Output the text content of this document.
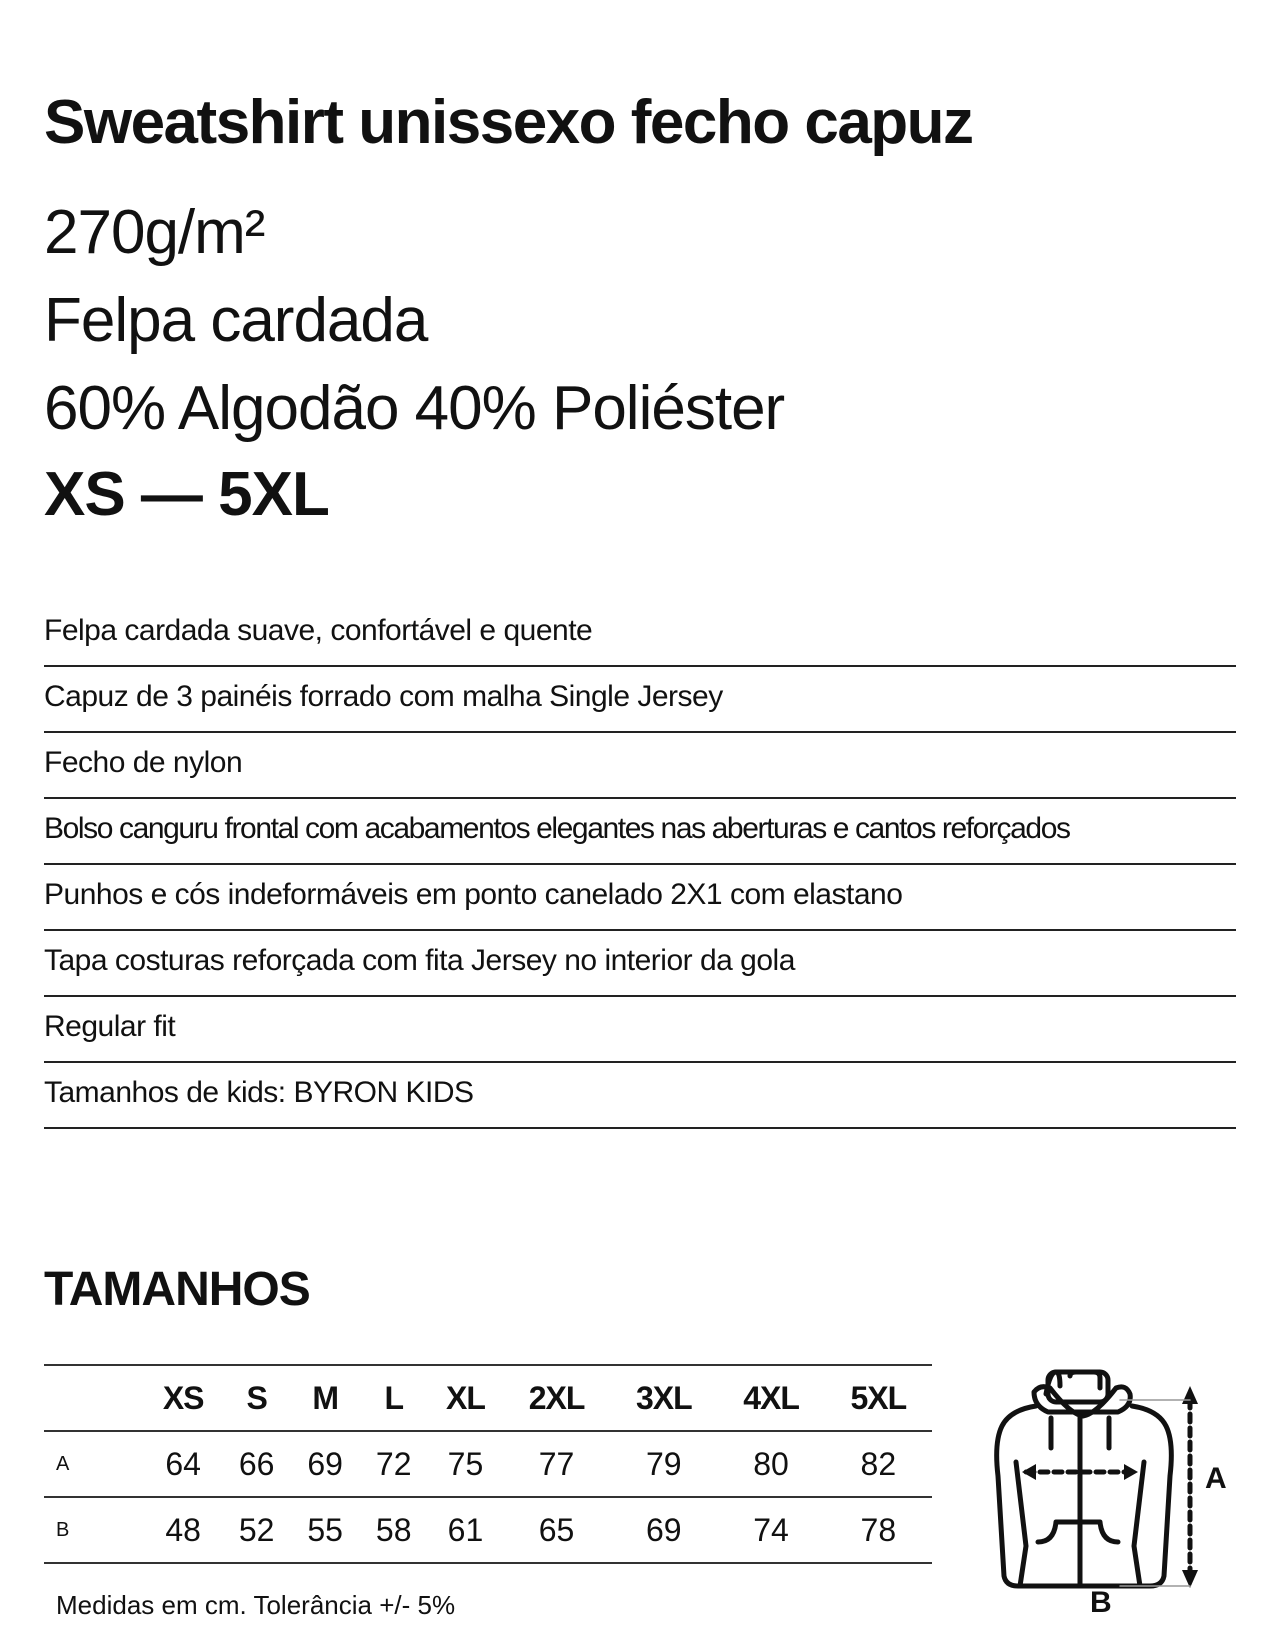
Sweatshirt unissexo fecho capuz
270g/m²
Felpa cardada
60% Algodão 40% Poliéster
XS — 5XL
Felpa cardada suave, confortável e quente
Capuz de 3 painéis forrado com malha Single Jersey
Fecho de nylon
Bolso canguru frontal com acabamentos elegantes nas aberturas e cantos reforçados
Punhos e cós indeformáveis em ponto canelado 2X1 com elastano
Tapa costuras reforçada com fita Jersey no interior da gola
Regular fit
Tamanhos de kids: BYRON KIDS
TAMANHOS
	XS	S	M	L	XL	2XL	3XL	4XL	5XL
A	64	66	69	72	75	77	79	80	82
B	48	52	55	58	61	65	69	74	78
Medidas em cm. Tolerância +/- 5%
A
B
